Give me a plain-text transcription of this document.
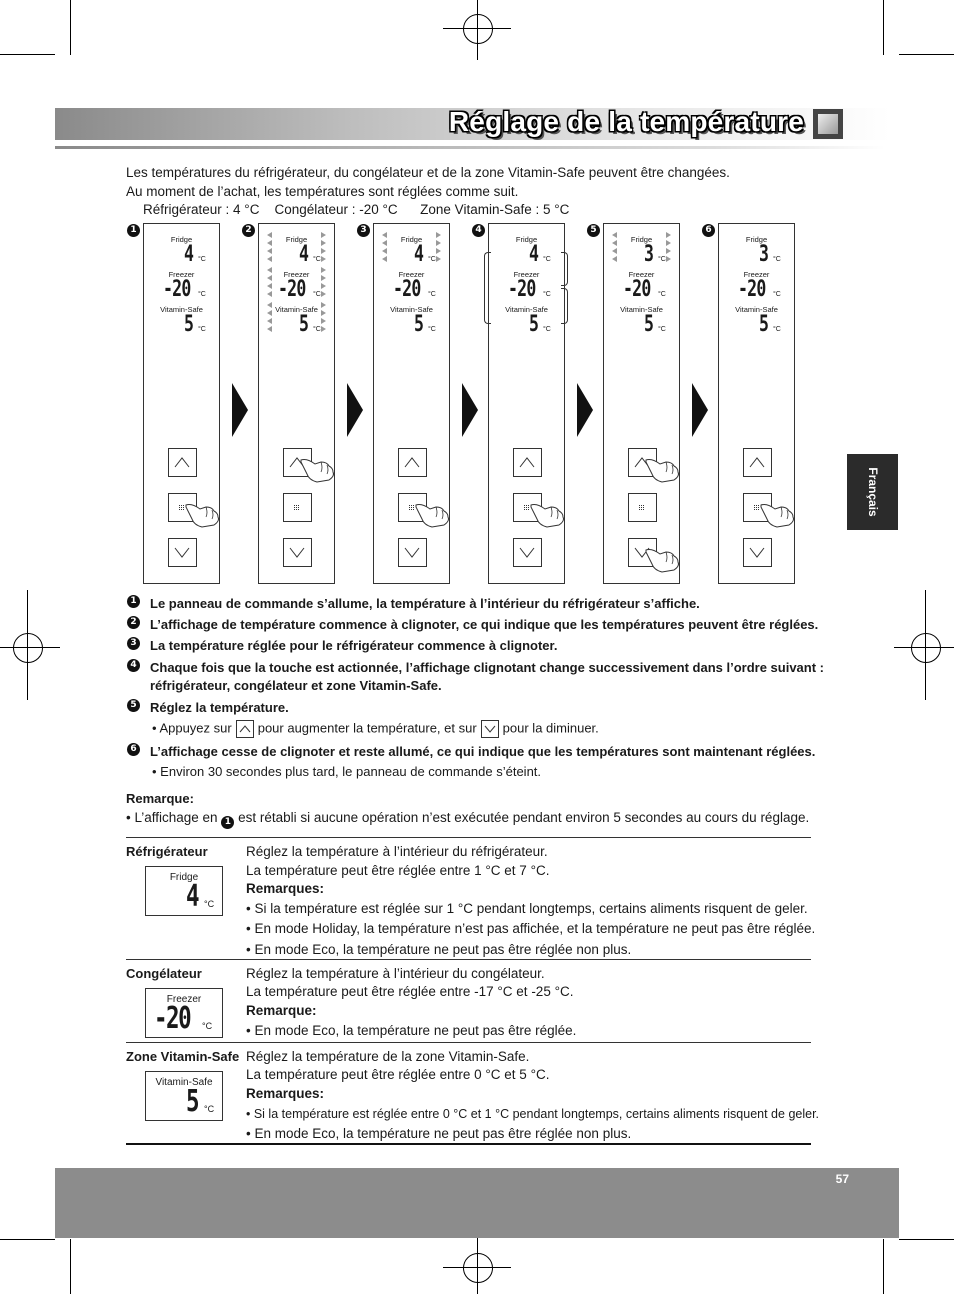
Réglage de la température
Les températures du réfrigérateur, du congélateur et de la zone Vitamin-Safe peuvent être changées.
Au moment de l’achat, les températures sont réglées comme suit.
Réfrigérateur : 4 °C    Congélateur : -20 °C      Zone Vitamin-Safe : 5 °C
Français
1
Fridge
4 °C
Freezer
-20 °C
Vitamin-Safe
5 °C
2
Fridge
4 °C
Freezer
-20 °C
Vitamin-Safe
5 °C
3
Fridge
4 °C
Freezer
-20 °C
Vitamin-Safe
5 °C
4
Fridge
4 °C
Freezer
-20 °C
Vitamin-Safe
5 °C
5
Fridge
3 °C
Freezer
-20 °C
Vitamin-Safe
5 °C
6
Fridge
3 °C
Freezer
-20 °C
Vitamin-Safe
5 °C
1 Le panneau de commande s’allume, la température à l’intérieur du réfrigérateur s’affiche.
2 L’affichage de température commence à clignoter, ce qui indique que les températures peuvent être réglées.
3 La température réglée pour le réfrigérateur commence à clignoter.
4 Chaque fois que la touche est actionnée, l’affichage clignotant change successivement dans l’ordre suivant :
réfrigérateur, congélateur et zone Vitamin-Safe.
5 Réglez la température.
• Appuyez sur pour augmenter la température, et sur pour la diminuer.
6 L’affichage cesse de clignoter et reste allumé, ce qui indique que les températures sont maintenant réglées.
• Environ 30 secondes plus tard, le panneau de commande s’éteint.
Remarque:
• L’affichage en 1 est rétabli si aucune opération n’est exécutée pendant environ 5 secondes au cours du réglage.
Réfrigérateur
Fridge
4 °C
Réglez la température à l’intérieur du réfrigérateur.
La température peut être réglée entre 1 °C et 7 °C.
Remarques:
• Si la température est réglée sur 1 °C pendant longtemps, certains aliments risquent de geler.
• En mode Holiday, la température n’est pas affichée, et la température ne peut pas être réglée.
• En mode Eco, la température ne peut pas être réglée non plus.
Congélateur
Freezer
-20 °C
Réglez la température à l’intérieur du congélateur.
La température peut être réglée entre -17 °C et -25 °C.
Remarque:
• En mode Eco, la température ne peut pas être réglée.
Zone Vitamin-Safe
Vitamin-Safe
5 °C
Réglez la température de la zone Vitamin-Safe.
La température peut être réglée entre 0 °C et 5 °C.
Remarques:
• Si la température est réglée entre 0 °C et 1 °C pendant longtemps, certains aliments risquent de geler.
• En mode Eco, la température ne peut pas être réglée non plus.
57
